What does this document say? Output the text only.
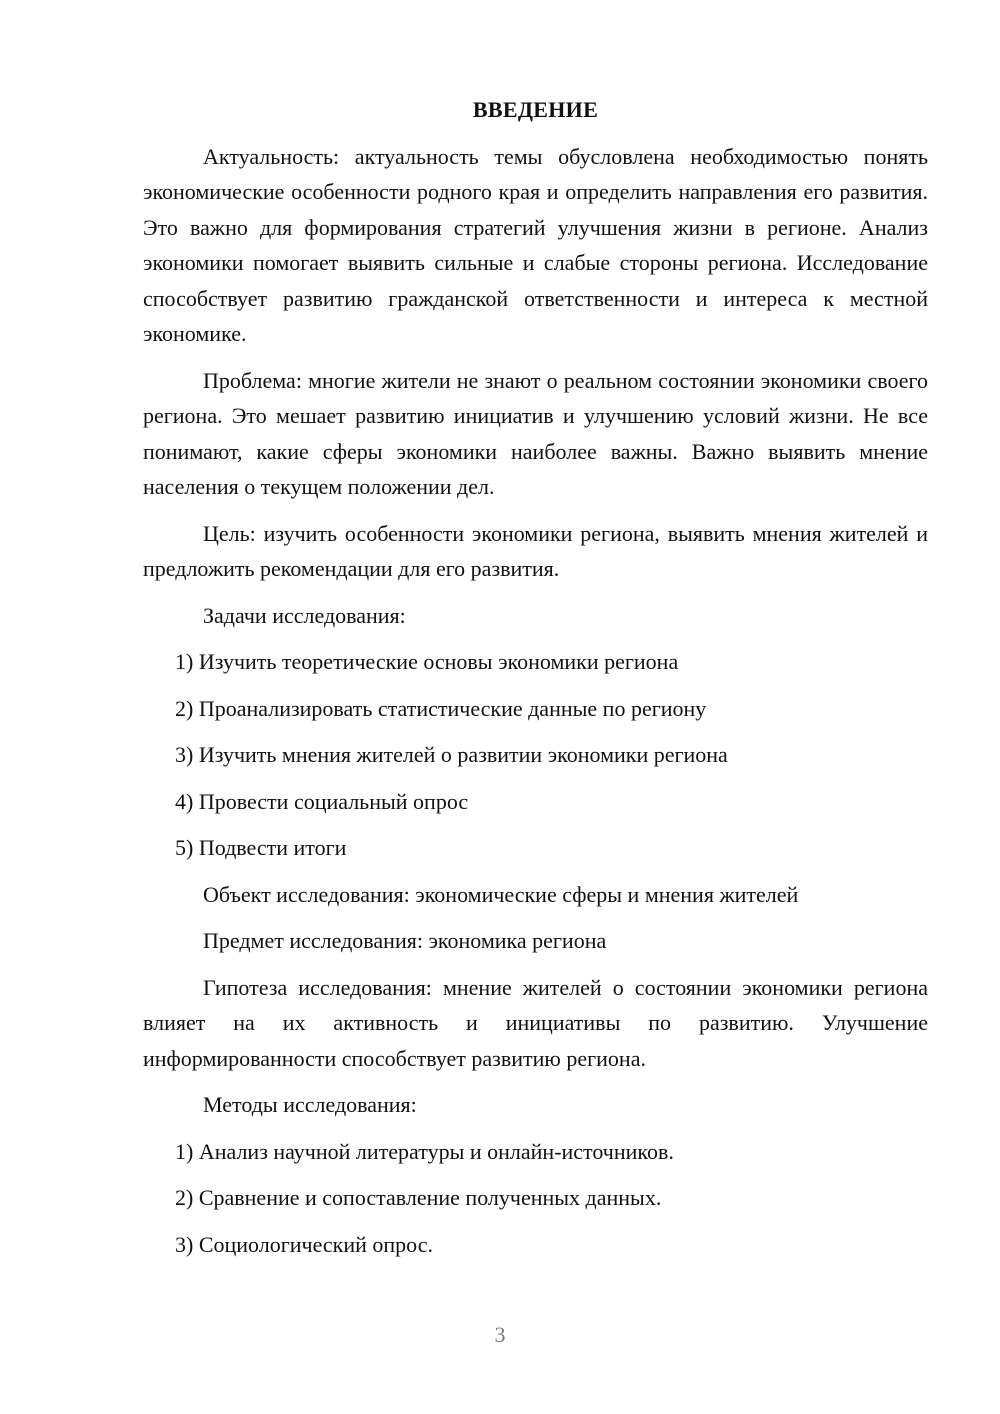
ВВЕДЕНИЕ

Актуальность: актуальность темы обусловлена необходимостью понять экономические особенности родного края и определить направления его развития. Это важно для формирования стратегий улучшения жизни в регионе. Анализ экономики помогает выявить сильные и слабые стороны региона. Исследование способствует развитию гражданской ответственности и интереса к местной экономике.

Проблема: многие жители не знают о реальном состоянии экономики своего региона. Это мешает развитию инициатив и улучшению условий жизни. Не все понимают, какие сферы экономики наиболее важны. Важно выявить мнение населения о текущем положении дел.

Цель: изучить особенности экономики региона, выявить мнения жителей и предложить рекомендации для его развития.

Задачи исследования:

1) Изучить теоретические основы экономики региона

2) Проанализировать статистические данные по региону

3) Изучить мнения жителей о развитии экономики региона

4) Провести социальный опрос

5) Подвести итоги

Объект исследования: экономические сферы и мнения жителей

Предмет исследования: экономика региона

Гипотеза исследования: мнение жителей о состоянии экономики региона влияет на их активность и инициативы по развитию. Улучшение информированности способствует развитию региона.

Методы исследования:

1) Анализ научной литературы и онлайн-источников.

2) Сравнение и сопоставление полученных данных.

3) Социологический опрос.

3
